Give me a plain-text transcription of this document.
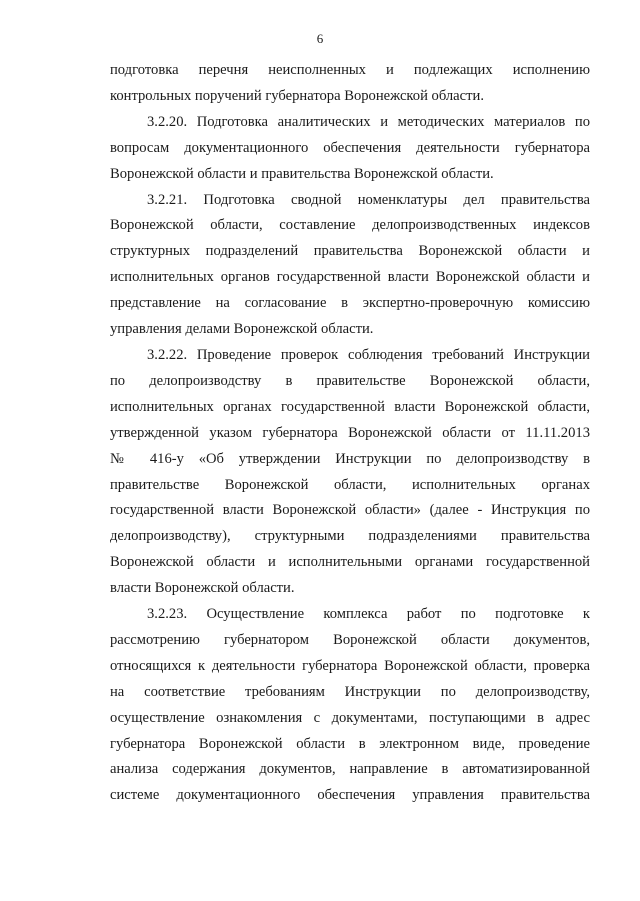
6
подготовка перечня неисполненных и подлежащих исполнению
контрольных поручений губернатора Воронежской области.
3.2.20. Подготовка аналитических и методических материалов по
вопросам документационного обеспечения деятельности губернатора
Воронежской области и правительства Воронежской области.
3.2.21. Подготовка сводной номенклатуры дел правительства
Воронежской области, составление делопроизводственных индексов
структурных подразделений правительства Воронежской области и
исполнительных органов государственной власти Воронежской области и
представление на согласование в экспертно-проверочную комиссию
управления делами Воронежской области.
3.2.22. Проведение проверок соблюдения требований Инструкции
по делопроизводству в правительстве Воронежской области,
исполнительных органах государственной власти Воронежской области,
утвержденной указом губернатора Воронежской области от 11.11.2013
№ 416-у «Об утверждении Инструкции по делопроизводству в
правительстве Воронежской области, исполнительных органах
государственной власти Воронежской области» (далее - Инструкция по
делопроизводству), структурными подразделениями правительства
Воронежской области и исполнительными органами государственной
власти Воронежской области.
3.2.23. Осуществление комплекса работ по подготовке к
рассмотрению губернатором Воронежской области документов,
относящихся к деятельности губернатора Воронежской области, проверка
на соответствие требованиям Инструкции по делопроизводству,
осуществление ознакомления с документами, поступающими в адрес
губернатора Воронежской области в электронном виде, проведение
анализа содержания документов, направление в автоматизированной
системе документационного обеспечения управления правительства
